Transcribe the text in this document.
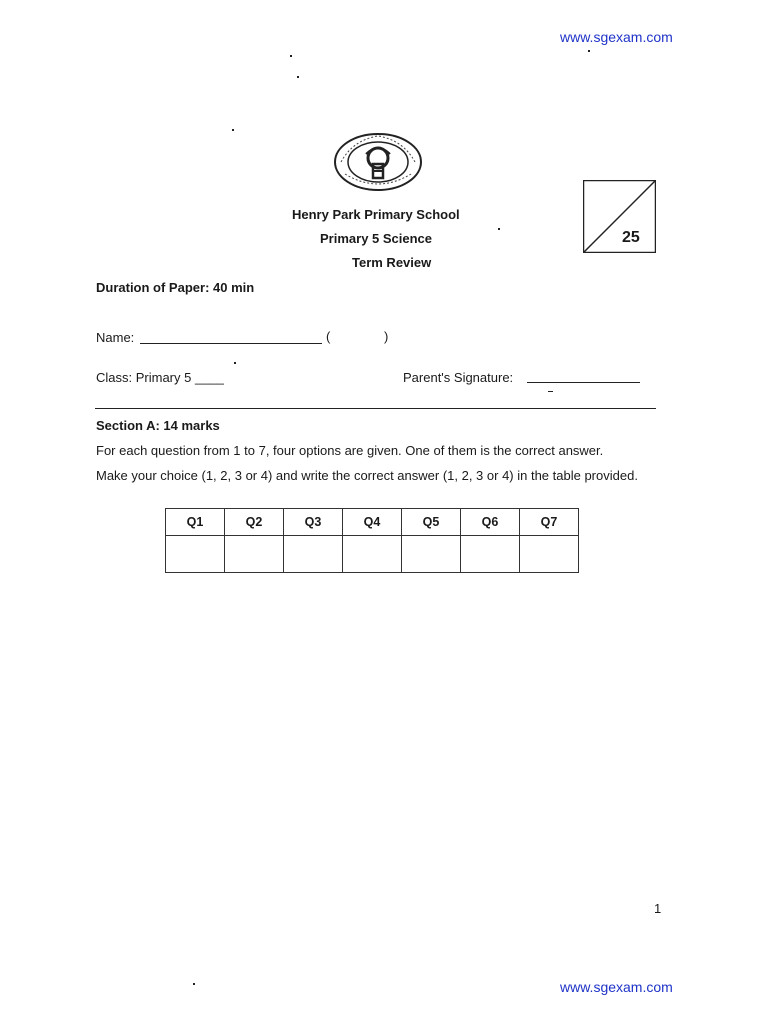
www.sgexam.com
Henry Park Primary School
Primary 5 Science
Term Review
25
Duration of Paper: 40 min
Name:	(	)
Class: Primary 5 ____	Parent's Signature:
Section A: 14 marks
For each question from 1 to 7, four options are given. One of them is the correct answer.
Make your choice (1, 2, 3 or 4) and write the correct answer (1, 2, 3 or 4) in the table provided.
Q1	Q2	Q3	Q4	Q5	Q6	Q7

1
www.sgexam.com
